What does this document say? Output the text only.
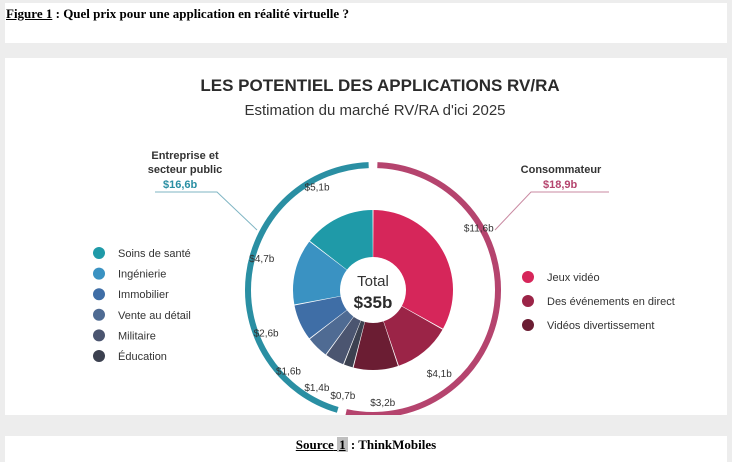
Figure 1 : Quel prix pour une application en réalité virtuelle ?
LES POTENTIEL DES APPLICATIONS RV/RA
Estimation du marché RV/RA d'ici 2025
$11,6b
$4,1b
$3,2b
$0,7b
$1,4b
$1,6b
$2,6b
$4,7b
$5,1b
Total
$35b
Entreprise et
secteur public
$16,6b
Consommateur
$18,9b
Soins de santé
Ingénierie
Immobilier
Vente au détail
Militaire
Éducation
Jeux vidéo
Des événements en direct
Vidéos divertissement
Source 1 : ThinkMobiles
